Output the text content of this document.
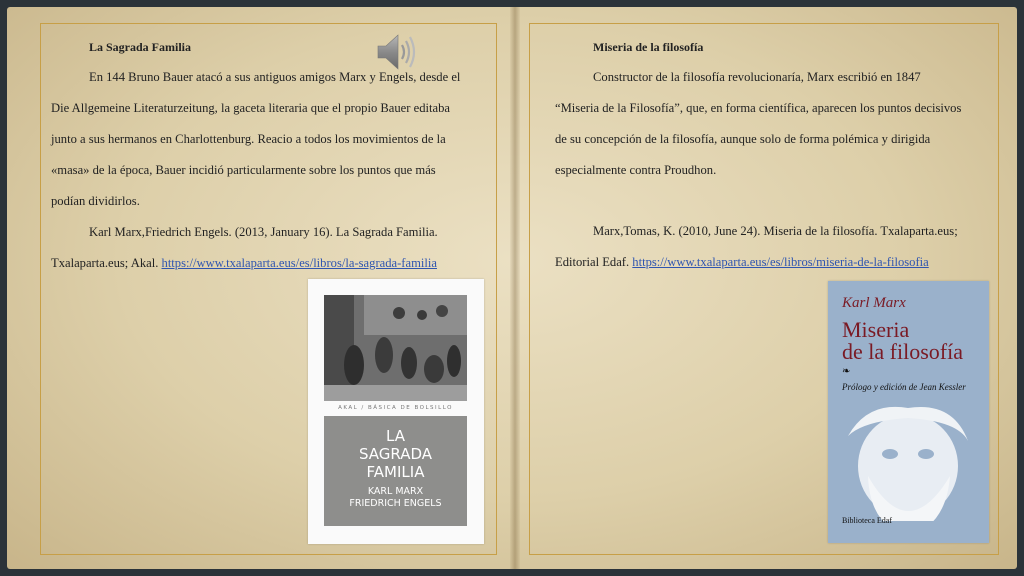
La Sagrada Familia
En 144 Bruno Bauer atacó a sus antiguos amigos Marx y Engels, desde el
Die Allgemeine Literaturzeitung, la gaceta literaria que el propio Bauer editaba
junto a sus hermanos en Charlottenburg. Reacio a todos los movimientos de la
«masa» de la época, Bauer incidió particularmente sobre los puntos que más
podían dividirlos.
Karl Marx,Friedrich Engels. (2013, January 16). La Sagrada Familia.
Txalaparta.eus; Akal. https://www.txalaparta.eus/es/libros/la-sagrada-familia
AKAL / BÁSICA DE BOLSILLO
LA
SAGRADA
FAMILIA
KARL MARX
FRIEDRICH ENGELS
Miseria de la filosofía
Constructor de la filosofía revolucionaría, Marx escribió en 1847
“Miseria de la Filosofía”, que, en forma científica, aparecen los puntos decisivos
de su concepción de la filosofía, aunque solo de forma polémica y dirigida
especialmente contra Proudhon.
Marx,Tomas, K. (2010, June 24). Miseria de la filosofía. Txalaparta.eus;
Editorial Edaf. https://www.txalaparta.eus/es/libros/miseria-de-la-filosofia
Karl Marx
Miseria
de la filosofía
❧
Prólogo y edición de Jean Kessler
Biblioteca Edaf
